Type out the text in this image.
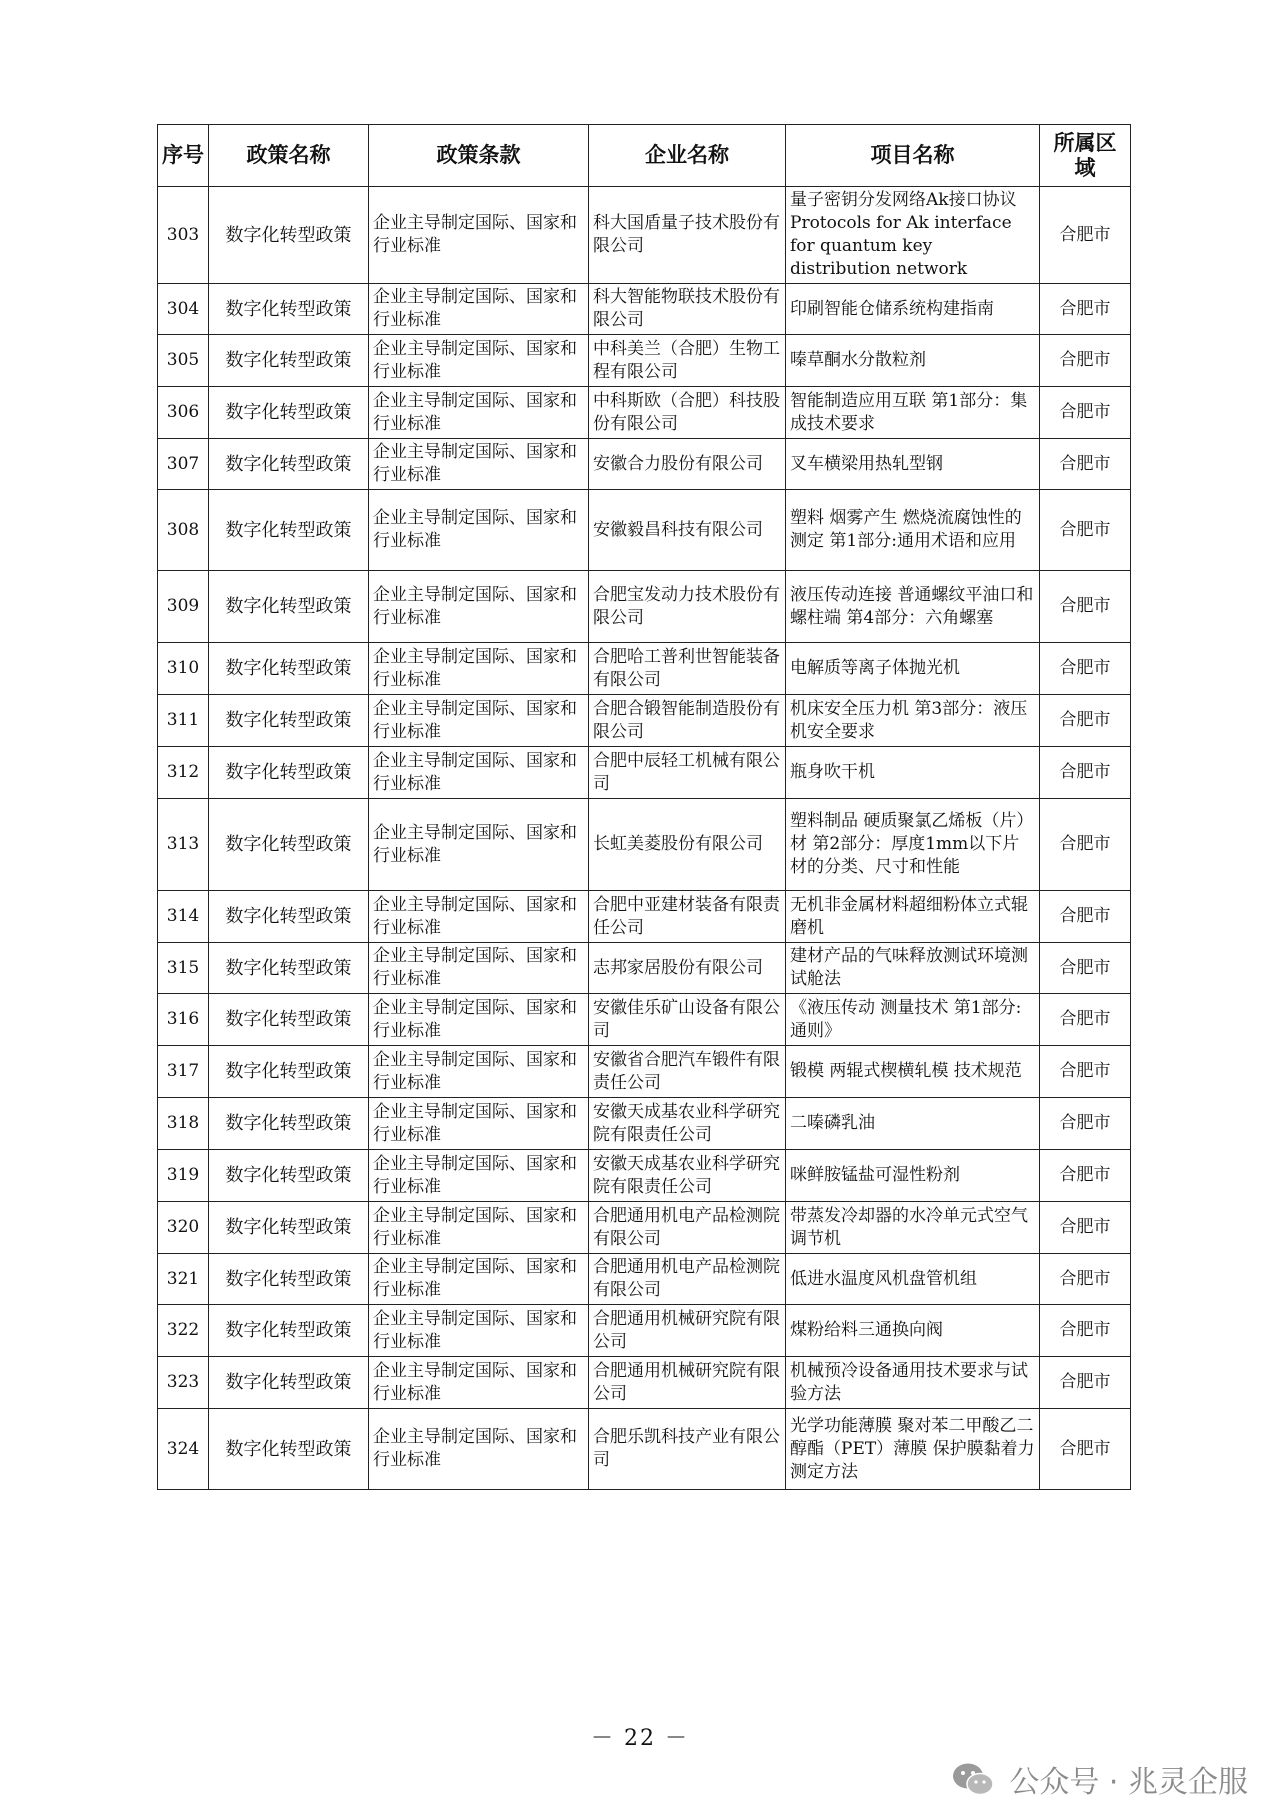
序号	政策名称	政策条款	企业名称	项目名称	所属区域
303	数字化转型政策	企业主导制定国际、国家和行业标准	科大国盾量子技术股份有限公司	量子密钥分发网络Ak接口协议Protocols for Ak interface for quantum key distribution network	合肥市
304	数字化转型政策	企业主导制定国际、国家和行业标准	科大智能物联技术股份有限公司	印刷智能仓储系统构建指南	合肥市
305	数字化转型政策	企业主导制定国际、国家和行业标准	中科美兰（合肥）生物工程有限公司	嗪草酮水分散粒剂	合肥市
306	数字化转型政策	企业主导制定国际、国家和行业标准	中科斯欧（合肥）科技股份有限公司	智能制造应用互联 第1部分：集成技术要求	合肥市
307	数字化转型政策	企业主导制定国际、国家和行业标准	安徽合力股份有限公司	叉车横梁用热轧型钢	合肥市
308	数字化转型政策	企业主导制定国际、国家和行业标准	安徽毅昌科技有限公司	塑料 烟雾产生 燃烧流腐蚀性的测定 第1部分:通用术语和应用	合肥市
309	数字化转型政策	企业主导制定国际、国家和行业标准	合肥宝发动力技术股份有限公司	液压传动连接 普通螺纹平油口和螺柱端 第4部分：六角螺塞	合肥市
310	数字化转型政策	企业主导制定国际、国家和行业标准	合肥哈工普利世智能装备有限公司	电解质等离子体抛光机	合肥市
311	数字化转型政策	企业主导制定国际、国家和行业标准	合肥合锻智能制造股份有限公司	机床安全压力机 第3部分：液压机安全要求	合肥市
312	数字化转型政策	企业主导制定国际、国家和行业标准	合肥中辰轻工机械有限公司	瓶身吹干机	合肥市
313	数字化转型政策	企业主导制定国际、国家和行业标准	长虹美菱股份有限公司	塑料制品 硬质聚氯乙烯板（片）材 第2部分：厚度1mm以下片材的分类、尺寸和性能	合肥市
314	数字化转型政策	企业主导制定国际、国家和行业标准	合肥中亚建材装备有限责任公司	无机非金属材料超细粉体立式辊磨机	合肥市
315	数字化转型政策	企业主导制定国际、国家和行业标准	志邦家居股份有限公司	建材产品的气味释放测试环境测试舱法	合肥市
316	数字化转型政策	企业主导制定国际、国家和行业标准	安徽佳乐矿山设备有限公司	《液压传动 测量技术 第1部分:通则》	合肥市
317	数字化转型政策	企业主导制定国际、国家和行业标准	安徽省合肥汽车锻件有限责任公司	锻模 两辊式楔横轧模 技术规范	合肥市
318	数字化转型政策	企业主导制定国际、国家和行业标准	安徽天成基农业科学研究院有限责任公司	二嗪磷乳油	合肥市
319	数字化转型政策	企业主导制定国际、国家和行业标准	安徽天成基农业科学研究院有限责任公司	咪鲜胺锰盐可湿性粉剂	合肥市
320	数字化转型政策	企业主导制定国际、国家和行业标准	合肥通用机电产品检测院有限公司	带蒸发冷却器的水冷单元式空气调节机	合肥市
321	数字化转型政策	企业主导制定国际、国家和行业标准	合肥通用机电产品检测院有限公司	低进水温度风机盘管机组	合肥市
322	数字化转型政策	企业主导制定国际、国家和行业标准	合肥通用机械研究院有限公司	煤粉给料三通换向阀	合肥市
323	数字化转型政策	企业主导制定国际、国家和行业标准	合肥通用机械研究院有限公司	机械预冷设备通用技术要求与试验方法	合肥市
324	数字化转型政策	企业主导制定国际、国家和行业标准	合肥乐凯科技产业有限公司	光学功能薄膜 聚对苯二甲酸乙二醇酯（PET）薄膜 保护膜黏着力测定方法	合肥市
－ 22 －
公众号 · 兆灵企服
